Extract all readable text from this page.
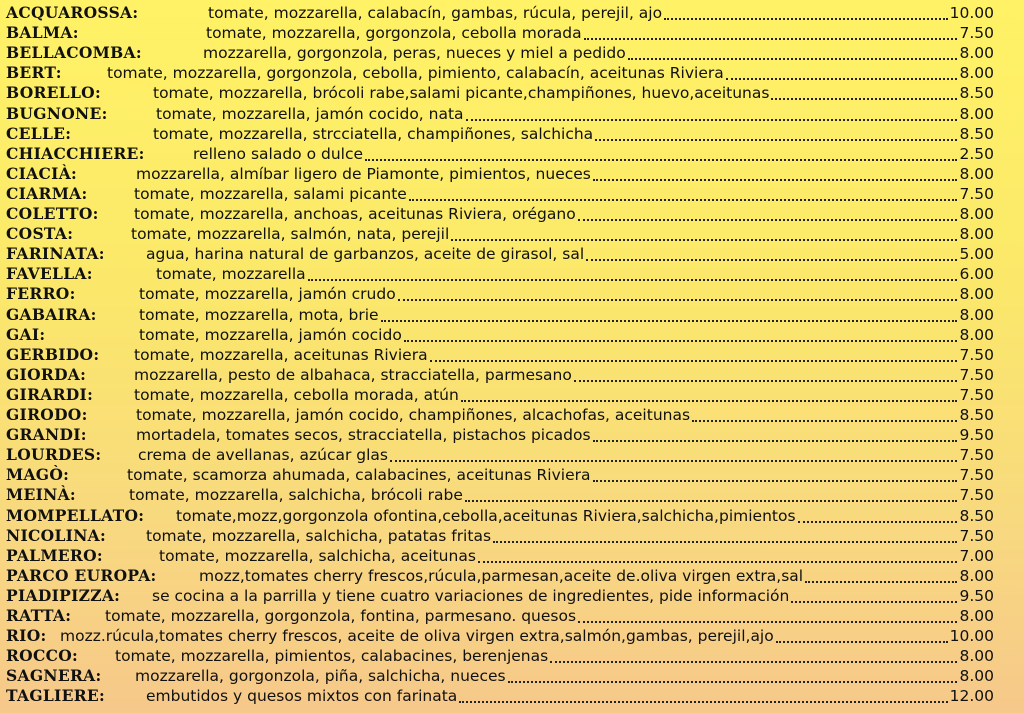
ACQUAROSSA:	tomate, mozzarella, calabacín, gambas, rúcula, perejil, ajo	10.00
BALMA:	tomate, mozzarella, gorgonzola, cebolla morada	7.50
BELLACOMBA:	mozzarella, gorgonzola, peras, nueces y miel a pedido	8.00
BERT:	tomate, mozzarella, gorgonzola, cebolla, pimiento, calabacín, aceitunas Riviera	8.00
BORELLO:	tomate, mozzarella, brócoli rabe,salami picante,champiñones, huevo,aceitunas	8.50
BUGNONE:	tomate, mozzarella, jamón cocido, nata	8.00
CELLE:	tomate, mozzarella, strcciatella, champiñones, salchicha	8.50
CHIACCHIERE:	relleno salado o dulce	2.50
CIACIÀ:	mozzarella, almíbar ligero de Piamonte, pimientos, nueces	8.00
CIARMA:	tomate, mozzarella, salami picante	7.50
COLETTO: tomate, mozzarella, anchoas, aceitunas Riviera, orégano	8.00
COSTA:	tomate, mozzarella, salmón, nata, perejil	8.00
FARINATA:	agua, harina natural de garbanzos, aceite de girasol, sal	5.00
FAVELLA:	tomate, mozzarella	6.00
FERRO:	tomate, mozzarella, jamón crudo	8.00
GABAIRA:	tomate, mozzarella, mota, brie	8.00
GAI:	tomate, mozzarella, jamón cocido	8.00
GERBIDO: tomate, mozzarella, aceitunas Riviera	7.50
GIORDA:	mozzarella, pesto de albahaca, stracciatella, parmesano	7.50
GIRARDI:	tomate, mozzarella, cebolla morada, atún	7.50
GIRODO:	tomate, mozzarella, jamón cocido, champiñones, alcachofas, aceitunas	8.50
GRANDI:	mortadela, tomates secos, stracciatella, pistachos picados	9.50
LOURDES: crema de avellanas, azúcar glas	7.50
MAGÒ:	tomate, scamorza ahumada, calabacines, aceitunas Riviera	7.50
MEINÀ:	tomate, mozzarella, salchicha, brócoli rabe	7.50
MOMPELLATO: tomate,mozz,gorgonzola ofontina,cebolla,aceitunas Riviera,salchicha,pimientos	8.50
NICOLINA:	tomate, mozzarella, salchicha, patatas fritas	7.50
PALMERO:	tomate, mozzarella, salchicha, aceitunas	7.00
PARCO EUROPA:	mozz,tomates cherry frescos,rúcula,parmesan,aceite de.oliva virgen extra,sal	8.00
PIADIPIZZA: se cocina a la parrilla y tiene cuatro variaciones de ingredientes, pide información	9.50
RATTA: tomate, mozzarella, gorgonzola, fontina, parmesano. quesos	8.00
RIO: mozz.rúcula,tomates cherry frescos, aceite de oliva virgen extra,salmón,gambas, perejil,ajo	10.00
ROCCO: tomate, mozzarella, pimientos, calabacines, berenjenas	8.00
SAGNERA: mozzarella, gorgonzola, piña, salchicha, nueces	8.00
TAGLIERE:	embutidos y quesos mixtos con farinata	12.00
